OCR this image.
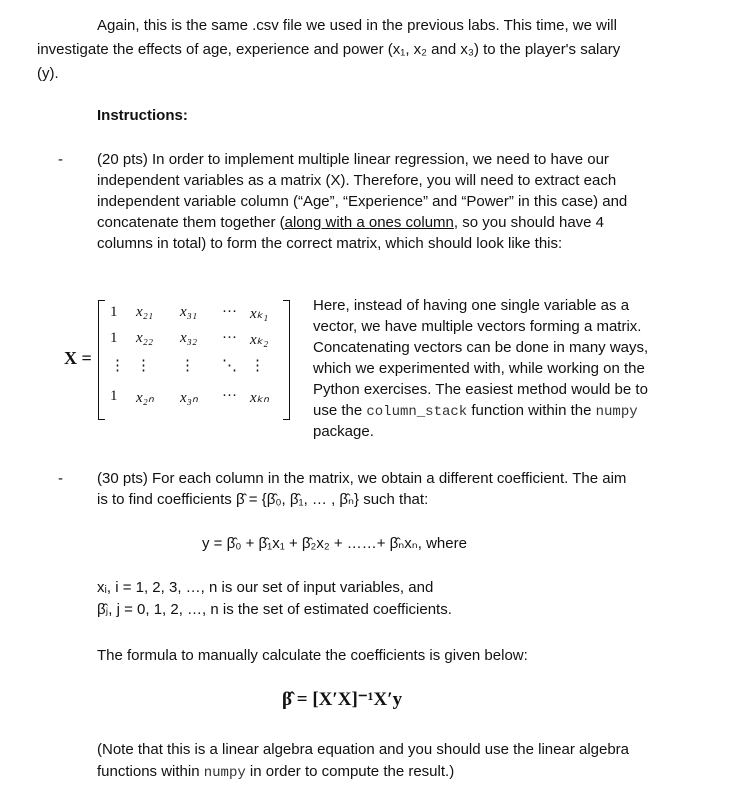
Again, this is the same .csv file we used in the previous labs. This time, we will
investigate the effects of age, experience and power (x₁, x₂ and x₃) to the player's salary
(y).
Instructions:
- (20 pts) In order to implement multiple linear regression, we need to have our
independent variables as a matrix (X). Therefore, you will need to extract each
independent variable column (“Age”, “Experience” and “Power” in this case) and
concatenate them together (along with a ones column, so you should have 4
columns in total) to form the correct matrix, which should look like this:
X =
1 x₂₁ x₃₁ ··· xₖ₁
1 x₂₂ x₃₂ ··· xₖ₂
⋮ ⋮ ⋮ ⋱ ⋮
1 x₂ₙ x₃ₙ ··· xₖₙ
Here, instead of having one single variable as a
vector, we have multiple vectors forming a matrix.
Concatenating vectors can be done in many ways,
which we experimented with, while working on the
Python exercises. The easiest method would be to
use the column_stack function within the numpy
package.
- (30 pts) For each column in the matrix, we obtain a different coefficient. The aim
is to find coefficients β̂ = {β̂₀, β̂₁, … , β̂ₙ} such that:
y = β̂₀ + β̂₁x₁ + β̂₂x₂ + ……+ β̂ₙxₙ, where
xᵢ, i = 1, 2, 3, …, n is our set of input variables, and
β̂ⱼ, j = 0, 1, 2, …, n is the set of estimated coefficients.
The formula to manually calculate the coefficients is given below:
β̂ = [X′X]⁻¹X′y
(Note that this is a linear algebra equation and you should use the linear algebra
functions within numpy in order to compute the result.)
